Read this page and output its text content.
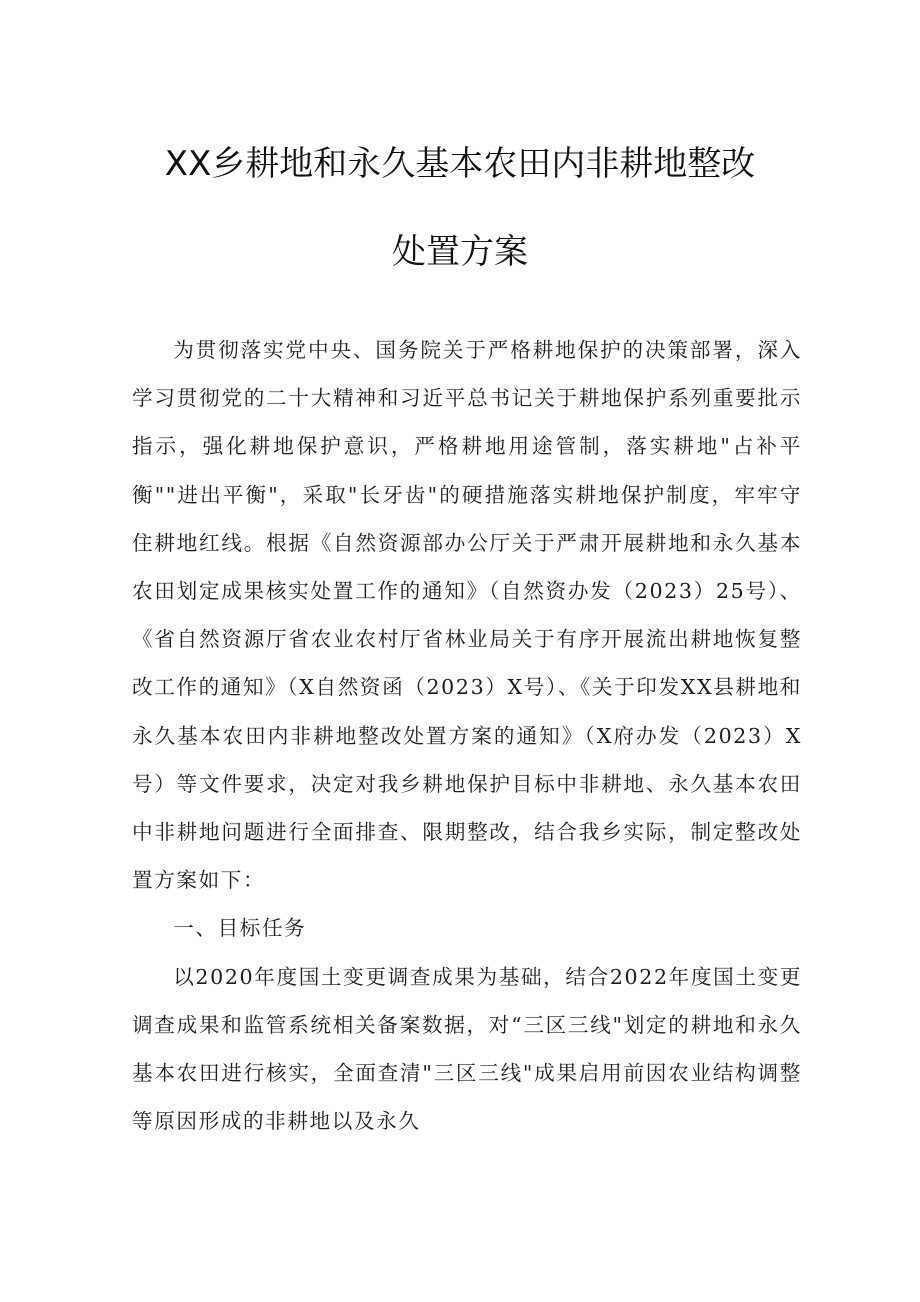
XX乡耕地和永久基本农田内非耕地整改
处置方案

为贯彻落实党中央、国务院关于严格耕地保护的决策部署，深入学习贯彻党的二十大精神和习近平总书记关于耕地保护系列重要批示指示，强化耕地保护意识，严格耕地用途管制，落实耕地"占补平衡""进出平衡"，采取"长牙齿"的硬措施落实耕地保护制度，牢牢守住耕地红线。根据《自然资源部办公厅关于严肃开展耕地和永久基本农田划定成果核实处置工作的通知》（自然资办发（2023）25号）、《省自然资源厅省农业农村厅省林业局关于有序开展流出耕地恢复整改工作的通知》（X自然资函（2023）X号）、《关于印发XX县耕地和永久基本农田内非耕地整改处置方案的通知》（X府办发（2023）X号）等文件要求，决定对我乡耕地保护目标中非耕地、永久基本农田中非耕地问题进行全面排查、限期整改，结合我乡实际，制定整改处置方案如下：

一、目标任务

以2020年度国土变更调查成果为基础，结合2022年度国土变更调查成果和监管系统相关备案数据，对“三区三线"划定的耕地和永久基本农田进行核实，全面查清"三区三线"成果启用前因农业结构调整等原因形成的非耕地以及永久
